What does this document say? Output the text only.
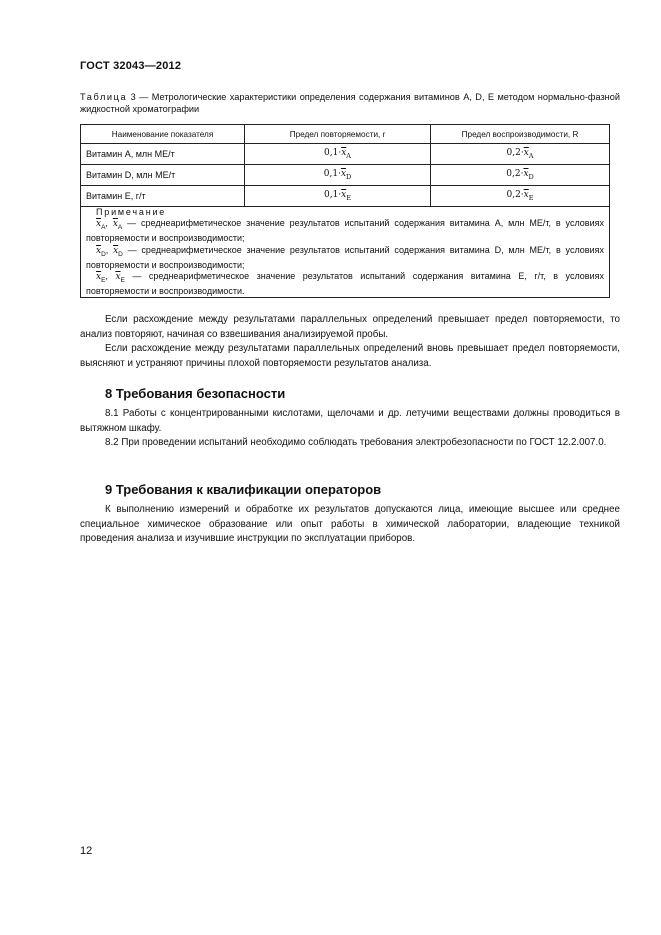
ГОСТ 32043—2012
Таблица 3 — Метрологические характеристики определения содержания витаминов A, D, E методом нормально-фазной жидкостной хроматографии
Наименование показателя	Предел повторяемости, r	Предел воспроизводимости, R
Витамин A, млн МЕ/т	$0,1\cdot\overline{x}_A$	$0,2\cdot\overline{x}_A$
Витамин D, млн МЕ/т	$0,1\cdot\overline{x}_D$	$0,2\cdot\overline{x}_D$
Витамин E, г/т	$0,1\cdot\overline{x}_E$	$0,2\cdot\overline{x}_E$

Примечание
$\overline{x}_A$, $\overline{x}_A$ — среднеарифметическое значение результатов испытаний содержания витамина A, млн МЕ/т, в условиях повторяемости и воспроизводимости;
$\overline{x}_D$, $\overline{x}_D$ — среднеарифметическое значение результатов испытаний содержания витамина D, млн МЕ/т, в условиях повторяемости и воспроизводимости;
$\overline{x}_E$, $\overline{x}_E$ — среднеарифметическое значение результатов испытаний содержания витамина E, г/т, в условиях повторяемости и воспроизводимости.		

Если расхождение между результатами параллельных определений превышает предел повторяемости, то анализ повторяют, начиная со взвешивания анализируемой пробы.

Если расхождение между результатами параллельных определений вновь превышает предел повторяемости, выясняют и устраняют причины плохой повторяемости результатов анализа.

8 Требования безопасности

8.1 Работы с концентрированными кислотами, щелочами и др. летучими веществами должны проводиться в вытяжном шкафу.

8.2 При проведении испытаний необходимо соблюдать требования электробезопасности по ГОСТ 12.2.007.0.

9 Требования к квалификации операторов

К выполнению измерений и обработке их результатов допускаются лица, имеющие высшее или среднее специальное химическое образование или опыт работы в химической лаборатории, владеющие техникой проведения анализа и изучившие инструкции по эксплуатации приборов.

12
